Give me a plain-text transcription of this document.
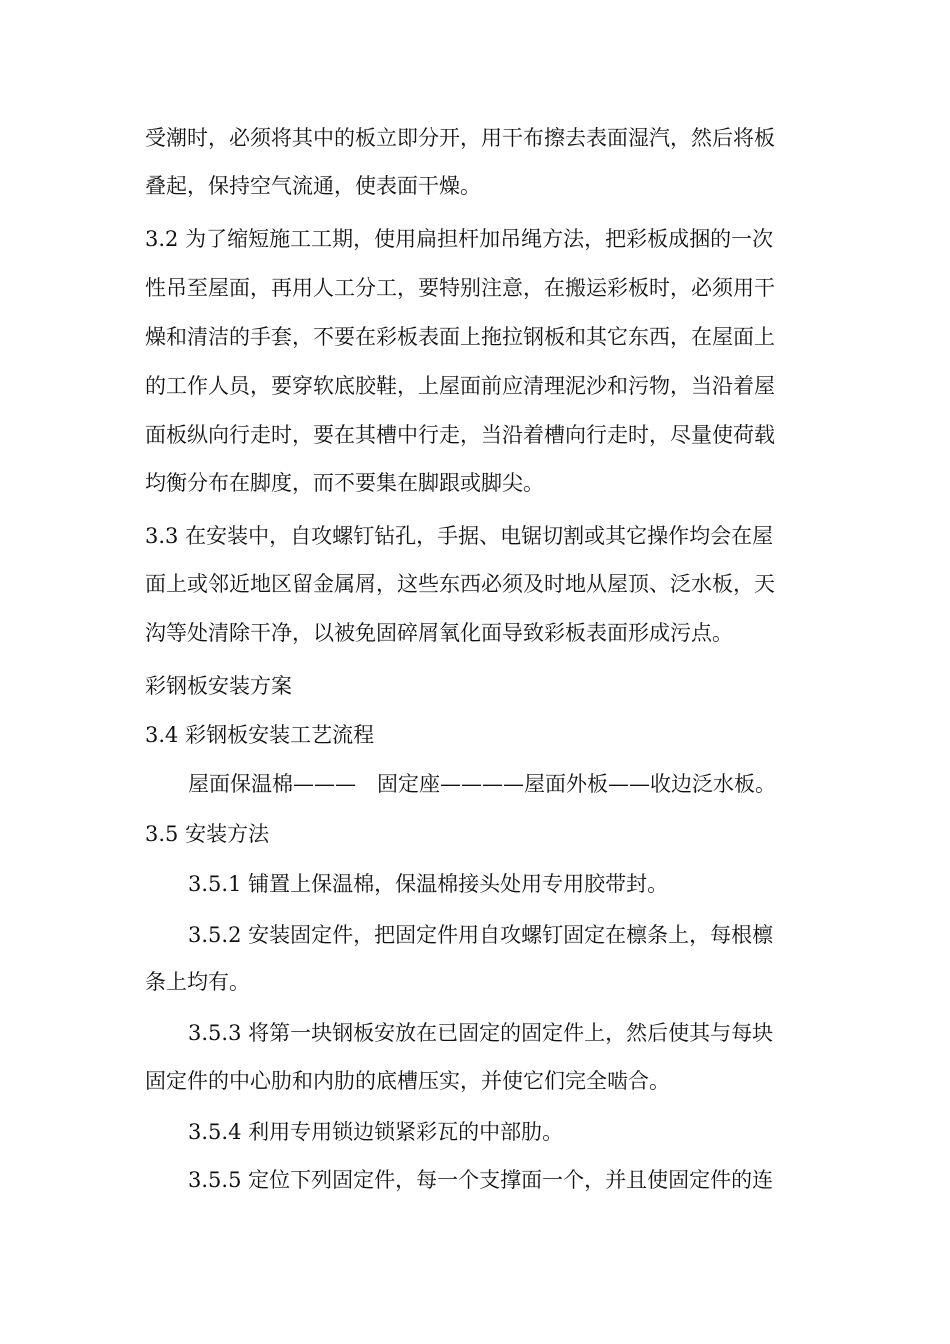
受潮时，必须将其中的板立即分开，用干布擦去表面湿汽，然后将板

叠起，保持空气流通，使表面干燥。

3.2 为了缩短施工工期，使用扁担杆加吊绳方法，把彩板成捆的一次

性吊至屋面，再用人工分工，要特别注意，在搬运彩板时，必须用干

燥和清洁的手套，不要在彩板表面上拖拉钢板和其它东西，在屋面上

的工作人员，要穿软底胶鞋，上屋面前应清理泥沙和污物，当沿着屋

面板纵向行走时，要在其槽中行走，当沿着槽向行走时，尽量使荷载

均衡分布在脚度，而不要集在脚跟或脚尖。

3.3 在安装中，自攻螺钉钻孔，手据、电锯切割或其它操作均会在屋

面上或邻近地区留金属屑，这些东西必须及时地从屋顶、泛水板，天

沟等处清除干净，以被免固碎屑氧化面导致彩板表面形成污点。

彩钢板安装方案

3.4 彩钢板安装工艺流程

屋面保温棉———　固定座————屋面外板——收边泛水板。

3.5 安装方法

3.5.1 铺置上保温棉，保温棉接头处用专用胶带封。

3.5.2 安装固定件，把固定件用自攻螺钉固定在檩条上，每根檩

条上均有。

3.5.3 将第一块钢板安放在已固定的固定件上，然后使其与每块

固定件的中心肋和内肋的底槽压实，并使它们完全啮合。

3.5.4 利用专用锁边锁紧彩瓦的中部肋。

3.5.5 定位下列固定件，每一个支撑面一个，并且使固定件的连
